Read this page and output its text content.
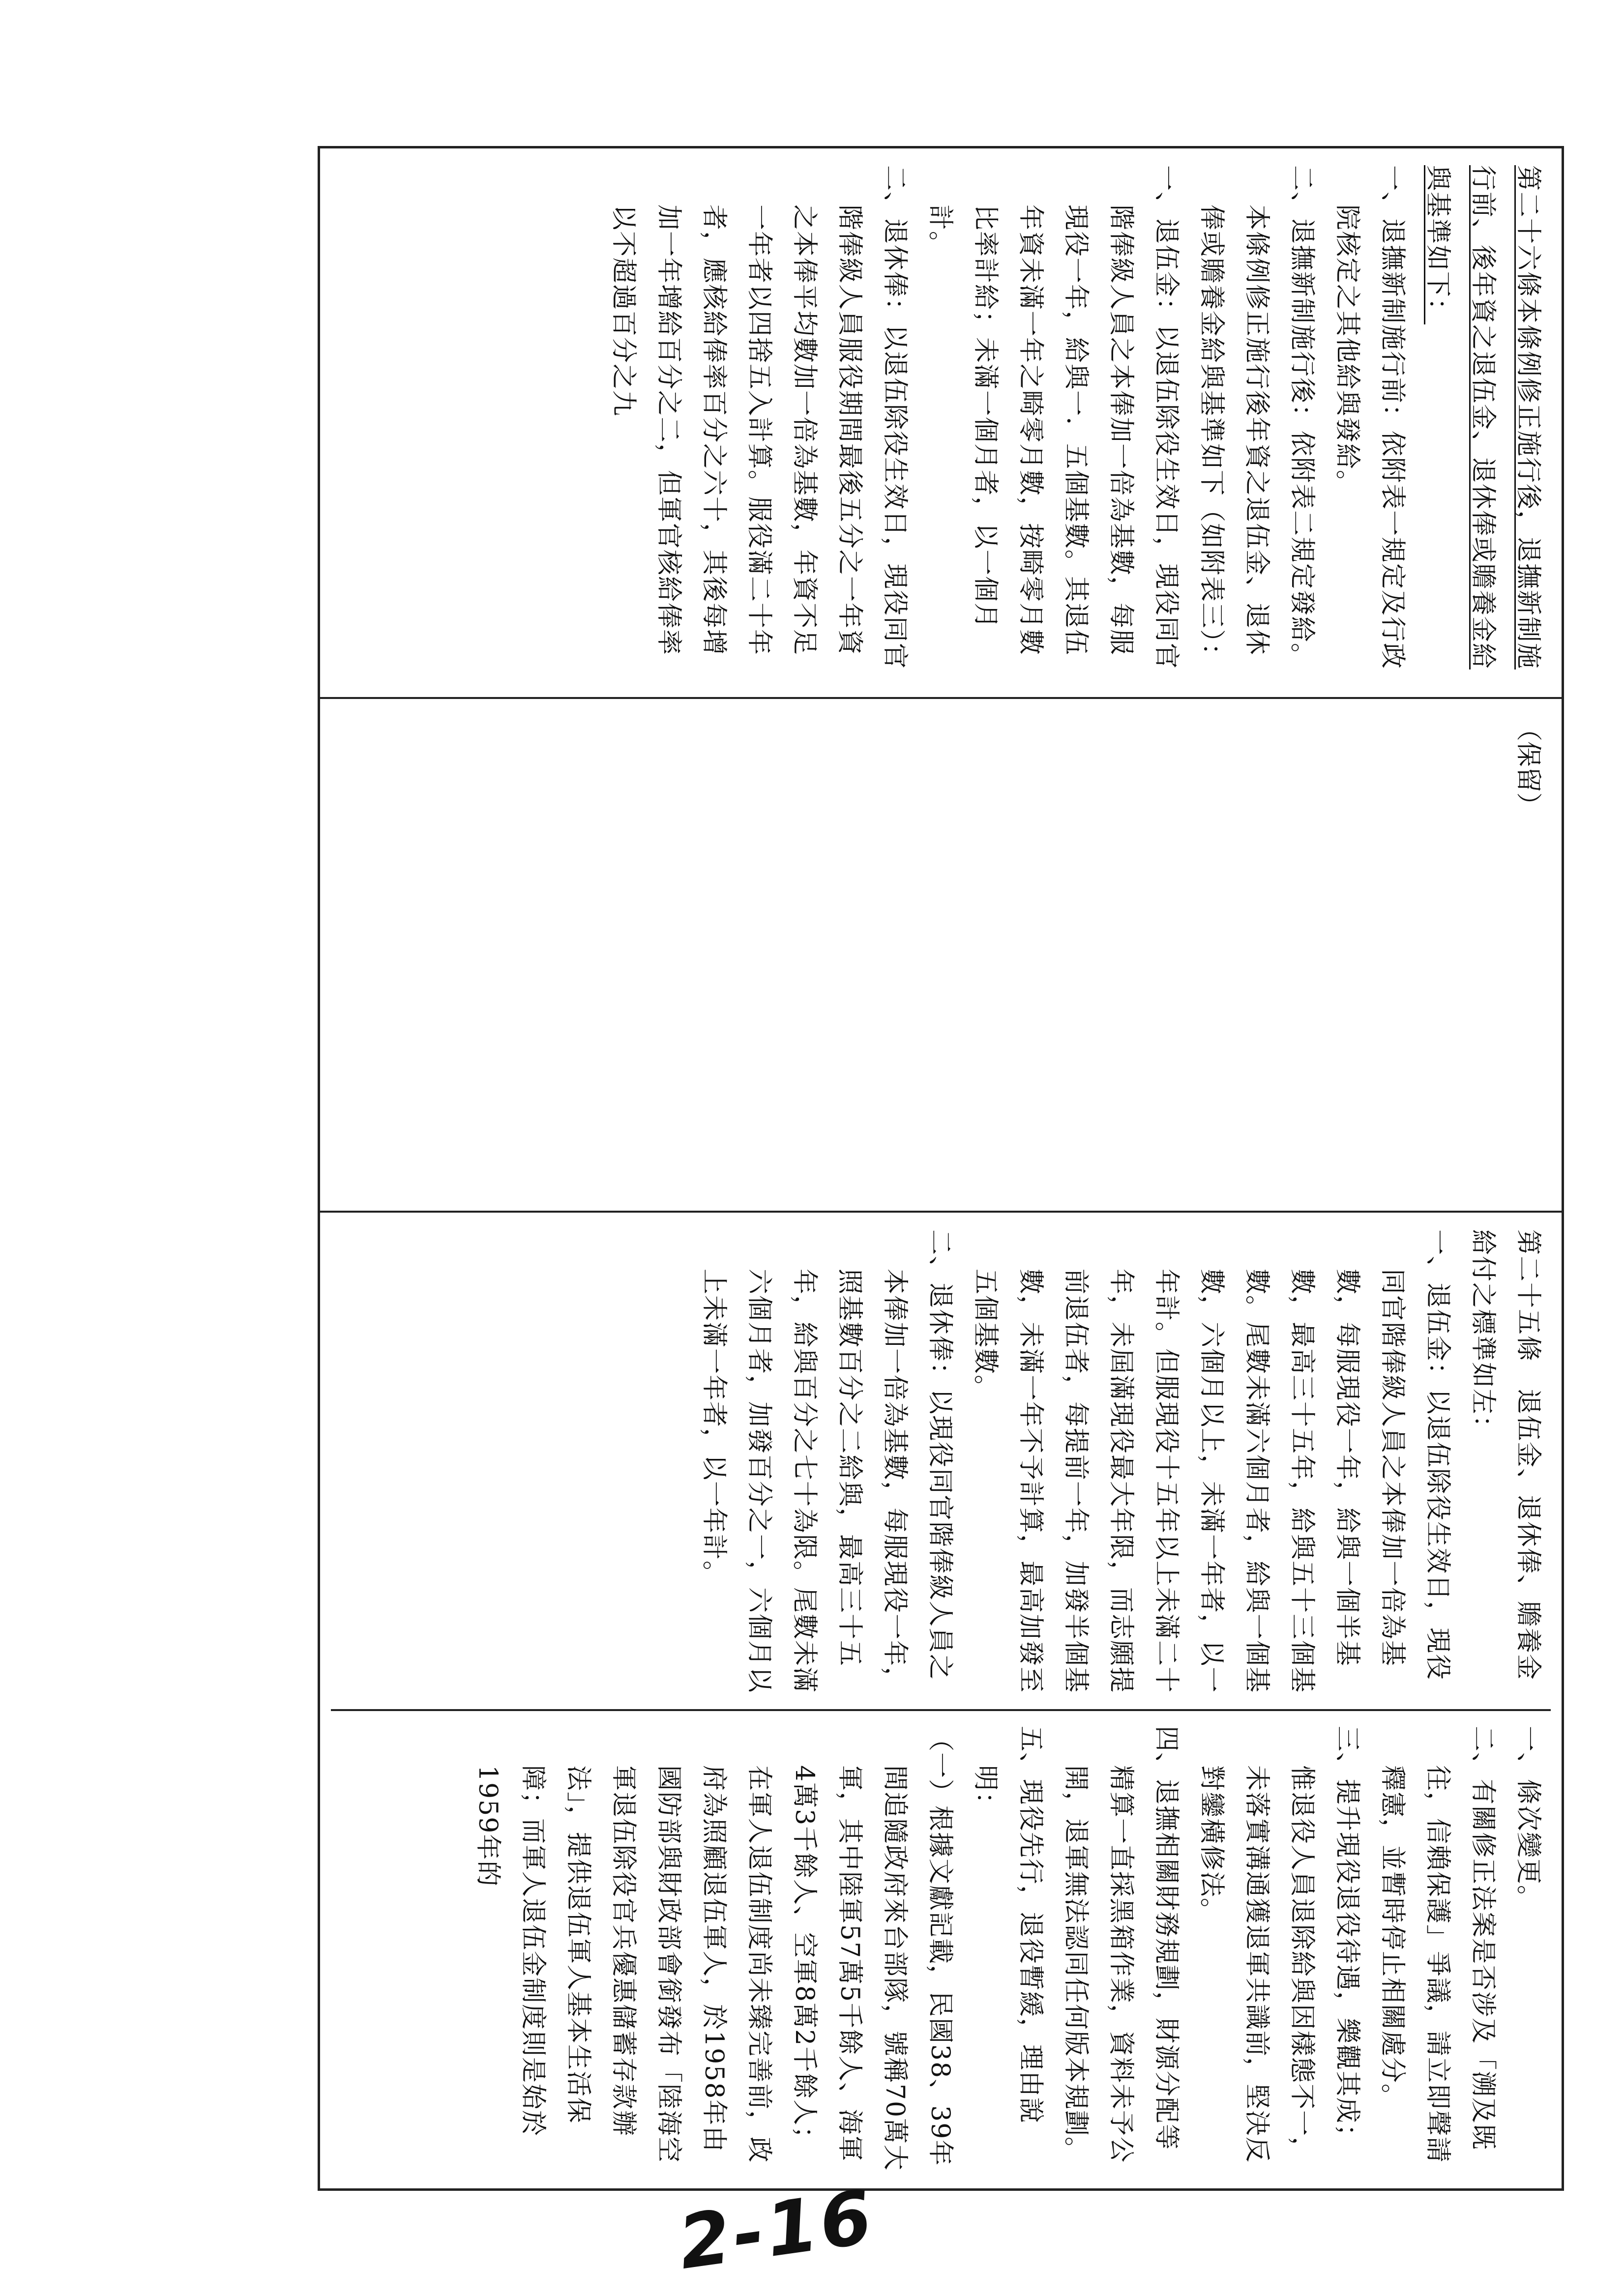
第二十六條本條例修正施行後，退撫新制施行前、後年資之退伍金、退休俸或贍養金給與基準如下：

一、退撫新制施行前：依附表一規定及行政院核定之其他給與發給。

二、退撫新制施行後：依附表二規定發給。

本條例修正施行後年資之退伍金、退休俸或贍養金給與基準如下（如附表三）：

一、退伍金：以退伍除役生效日，現役同官階俸級人員之本俸加一倍為基數，每服現役一年，給與一．五個基數。其退伍年資未滿一年之畸零月數，按畸零月數比率計給；未滿一個月者，以一個月計。

二、退休俸：以退伍除役生效日，現役同官階俸級人員服役期間最後五分之一年資之本俸平均數加一倍為基數，年資不足一年者以四捨五入計算。服役滿二十年者，應核給俸率百分之六十，其後每增加一年增給百分之二，但軍官核給俸率以不超過百分之九

（保留）

第二十五條　退伍金、退休俸、贍養金給付之標準如左：

一、退伍金：以退伍除役生效日，現役同官階俸級人員之本俸加一倍為基數，每服現役一年，給與一個半基數，最高三十五年，給與五十三個基數。尾數未滿六個月者，給與一個基數，六個月以上，未滿一年者，以一年計。但服現役十五年以上未滿二十年，未屆滿現役最大年限，而志願提前退伍者，每提前一年，加發半個基數，未滿一年不予計算，最高加發至五個基數。

二、退休俸：以現役同官階俸級人員之本俸加一倍為基數，每服現役一年，照基數百分之二給與，最高三十五年，給與百分之七十為限。尾數未滿六個月者，加發百分之一，六個月以上未滿一年者，以一年計。

一、條次變更。

二、有關修正法案是否涉及「溯及既往，信賴保護」爭議，請立即聲請釋憲，並暫時停止相關處分。

三、提升現役退役待遇，樂觀其成；惟退役人員退除給與因樣態不一，未落實溝通獲退軍共識前，堅決反對鑾橫修法。

四、退撫相關財務規劃，財源分配等精算一直採黑箱作業，資料未予公開，退軍無法認同任何版本規劃。

五、現役先行，退役暫緩，理由說明：

（一）根據文獻記載，民國38、39年間追隨政府來台部隊，號稱70萬大軍，其中陸軍57萬5千餘人、海軍4萬3千餘人、空軍8萬2千餘人；在軍人退伍制度尚未臻完善前，政府為照顧退伍軍人，於1958年由國防部與財政部會銜發布「陸海空軍退伍除役官兵優惠儲蓄存款辦法」，提供退伍軍人基本生活保障；而軍人退伍金制度則是始於1959年的

2-16
